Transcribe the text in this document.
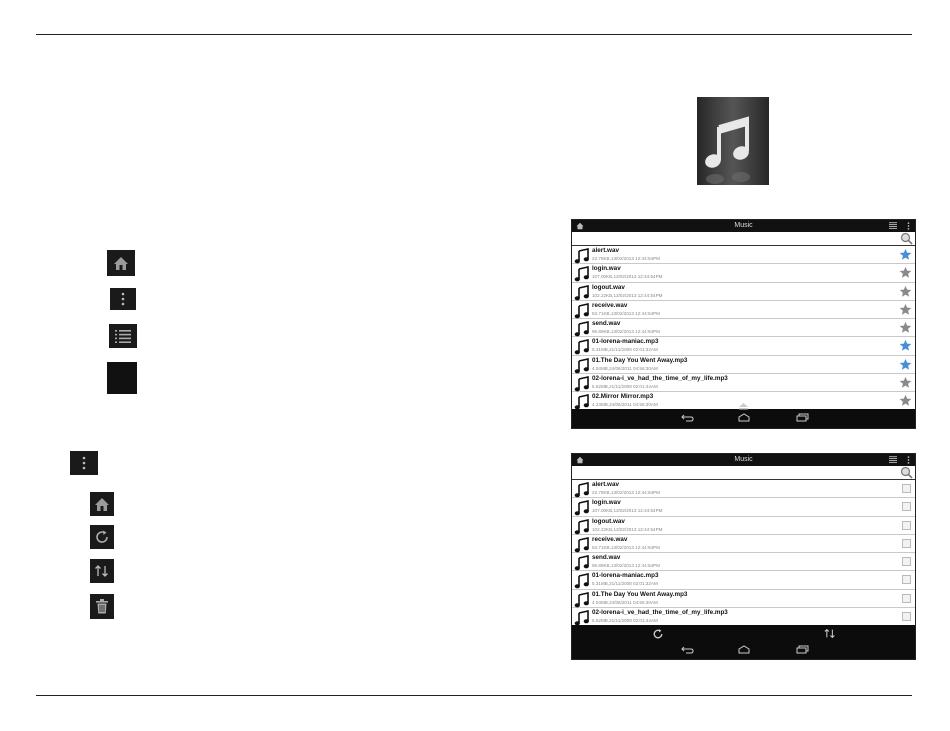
Music
alert.wav
22.78KB,13/02/2013 12:44:54PM
login.wav
107.00KB,13/02/2013 12:44:54PM
logout.wav
102.22KB,13/02/2013 12:44:54PM
receive.wav
53.71KB,13/02/2013 12:44:54PM
send.wav
96.89KB,13/02/2013 12:44:54PM
01-lorena-maniac.mp3
5.31MB,21/11/2008 02:01:32AM
01.The Day You Went Away.mp3
4.04MB,24/06/2011 04:56:30AM
02-lorena-i_ve_had_the_time_of_my_life.mp3
5.52MB,21/11/2008 02:01:44AM
02.Mirror Mirror.mp3
4.23MB,24/06/2011 04:56:30AM
Music
alert.wav
22.78KB,13/02/2013 12:44:54PM
login.wav
107.00KB,13/02/2013 12:44:54PM
logout.wav
102.22KB,13/02/2013 12:44:54PM
receive.wav
53.71KB,13/02/2013 12:44:54PM
send.wav
96.89KB,13/02/2013 12:44:54PM
01-lorena-maniac.mp3
5.31MB,21/11/2008 02:01:32AM
01.The Day You Went Away.mp3
4.04MB,24/06/2011 04:56:30AM
02-lorena-i_ve_had_the_time_of_my_life.mp3
5.52MB,21/11/2008 02:01:44AM
